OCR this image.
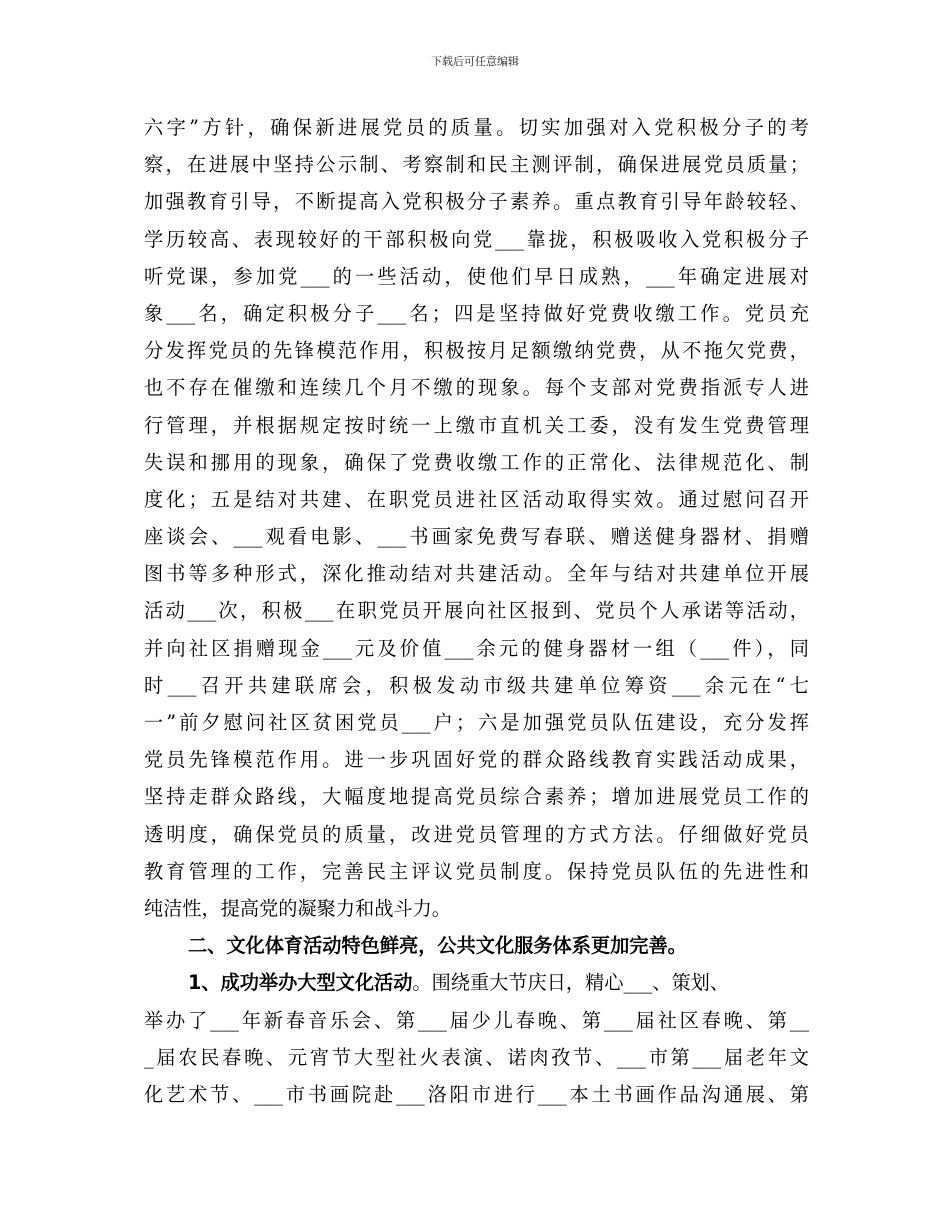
下载后可任意编辑
六字”方针，确保新进展党员的质量。切实加强对入党积极分子的考
察，在进展中坚持公示制、考察制和民主测评制，确保进展党员质量；
加强教育引导，不断提高入党积极分子素养。重点教育引导年龄较轻、
学历较高、表现较好的干部积极向党___靠拢，积极吸收入党积极分子
听党课，参加党___的一些活动，使他们早日成熟，___年确定进展对
象___名，确定积极分子___名；四是坚持做好党费收缴工作。党员充
分发挥党员的先锋模范作用，积极按月足额缴纳党费，从不拖欠党费，
也不存在催缴和连续几个月不缴的现象。每个支部对党费指派专人进
行管理，并根据规定按时统一上缴市直机关工委，没有发生党费管理
失误和挪用的现象，确保了党费收缴工作的正常化、法律规范化、制
度化；五是结对共建、在职党员进社区活动取得实效。通过慰问召开
座谈会、___观看电影、___书画家免费写春联、赠送健身器材、捐赠
图书等多种形式，深化推动结对共建活动。全年与结对共建单位开展
活动___次，积极___在职党员开展向社区报到、党员个人承诺等活动，
并向社区捐赠现金___元及价值___余元的健身器材一组（___件），同
时___召开共建联席会，积极发动市级共建单位筹资___余元在“七
一”前夕慰问社区贫困党员___户；六是加强党员队伍建设，充分发挥
党员先锋模范作用。进一步巩固好党的群众路线教育实践活动成果，
坚持走群众路线，大幅度地提高党员综合素养；增加进展党员工作的
透明度，确保党员的质量，改进党员管理的方式方法。仔细做好党员
教育管理的工作，完善民主评议党员制度。保持党员队伍的先进性和
纯洁性，提高党的凝聚力和战斗力。
二、文化体育活动特色鲜亮，公共文化服务体系更加完善。
1、成功举办大型文化活动。围绕重大节庆日，精心___、策划、
举办了___年新春音乐会、第___届少儿春晚、第___届社区春晚、第__
_届农民春晚、元宵节大型社火表演、诺肉孜节、___市第___届老年文
化艺术节、___市书画院赴___洛阳市进行___本土书画作品沟通展、第
